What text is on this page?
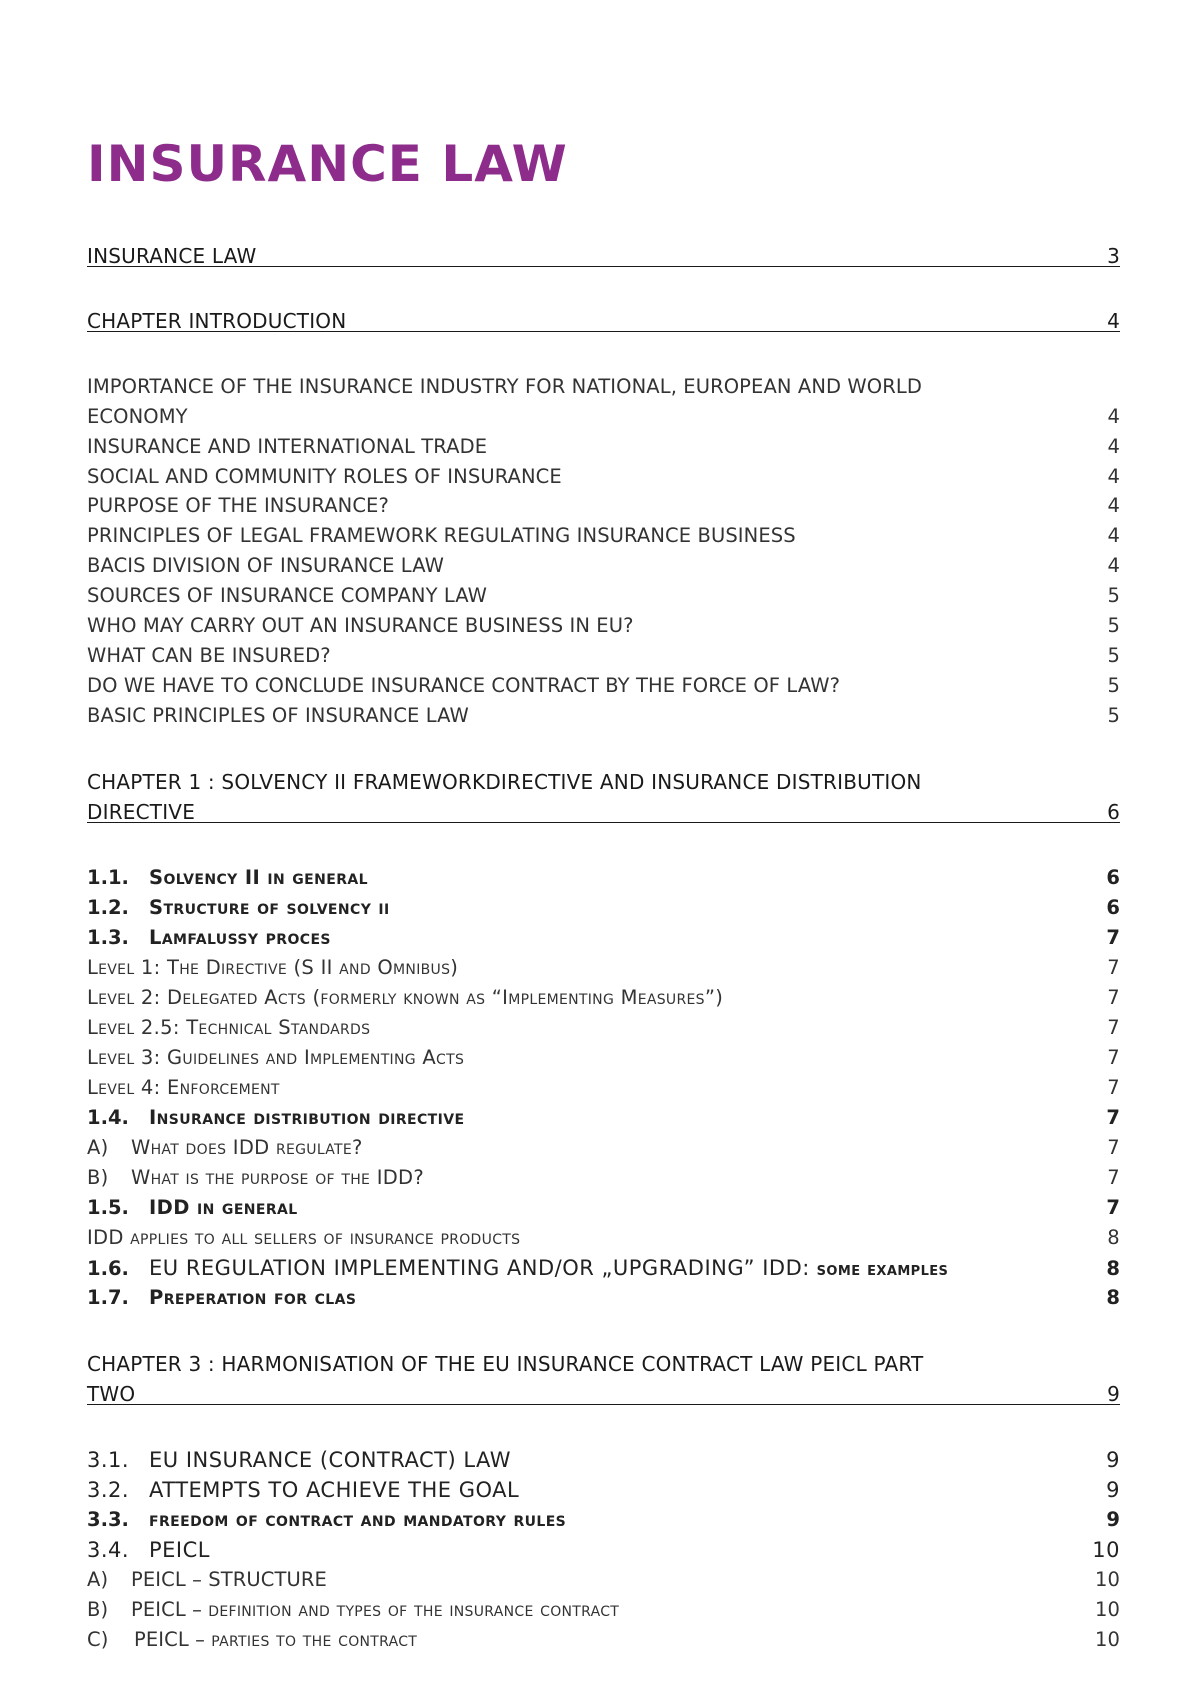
INSURANCE LAW
INSURANCE LAW	3
CHAPTER INTRODUCTION	4
IMPORTANCE OF THE INSURANCE INDUSTRY FOR NATIONAL, EUROPEAN AND WORLD
ECONOMY	4
INSURANCE AND INTERNATIONAL TRADE	4
SOCIAL AND COMMUNITY ROLES OF INSURANCE	4
PURPOSE OF THE INSURANCE?	4
PRINCIPLES OF LEGAL FRAMEWORK REGULATING INSURANCE BUSINESS	4
BACIS DIVISION OF INSURANCE LAW	4
SOURCES OF INSURANCE COMPANY LAW	5
WHO MAY CARRY OUT AN INSURANCE BUSINESS IN EU?	5
WHAT CAN BE INSURED?	5
DO WE HAVE TO CONCLUDE INSURANCE CONTRACT BY THE FORCE OF LAW?	5
BASIC PRINCIPLES OF INSURANCE LAW	5
CHAPTER 1 : SOLVENCY II FRAMEWORKDIRECTIVE AND INSURANCE DISTRIBUTION
DIRECTIVE	6
1.1. Solvency II in general	6
1.2. Structure of solvency ii	6
1.3. Lamfalussy proces	7
Level 1: The Directive (S II and Omnibus)	7
Level 2: Delegated Acts (formerly known as “Implementing Measures”)	7
Level 2.5: Technical Standards	7
Level 3: Guidelines and Implementing Acts	7
Level 4: Enforcement	7
1.4. Insurance distribution directive	7
A) What does IDD regulate?	7
B) What is the purpose of the IDD?	7
1.5. IDD in general	7
IDD applies to all sellers of insurance products	8
1.6. EU REGULATION IMPLEMENTING AND/OR „UPGRADING” IDD: some examples	8
1.7. Preperation for clas	8
CHAPTER 3 : HARMONISATION OF THE EU INSURANCE CONTRACT LAW PEICL PART
TWO	9
3.1. EU INSURANCE (CONTRACT) LAW	9
3.2. ATTEMPTS TO ACHIEVE THE GOAL	9
3.3. freedom of contract and mandatory rules	9
3.4. PEICL	10
A) PEICL – STRUCTURE	10
B) PEICL – definition and types of the insurance contract	10
C) PEICL – parties to the contract	10
